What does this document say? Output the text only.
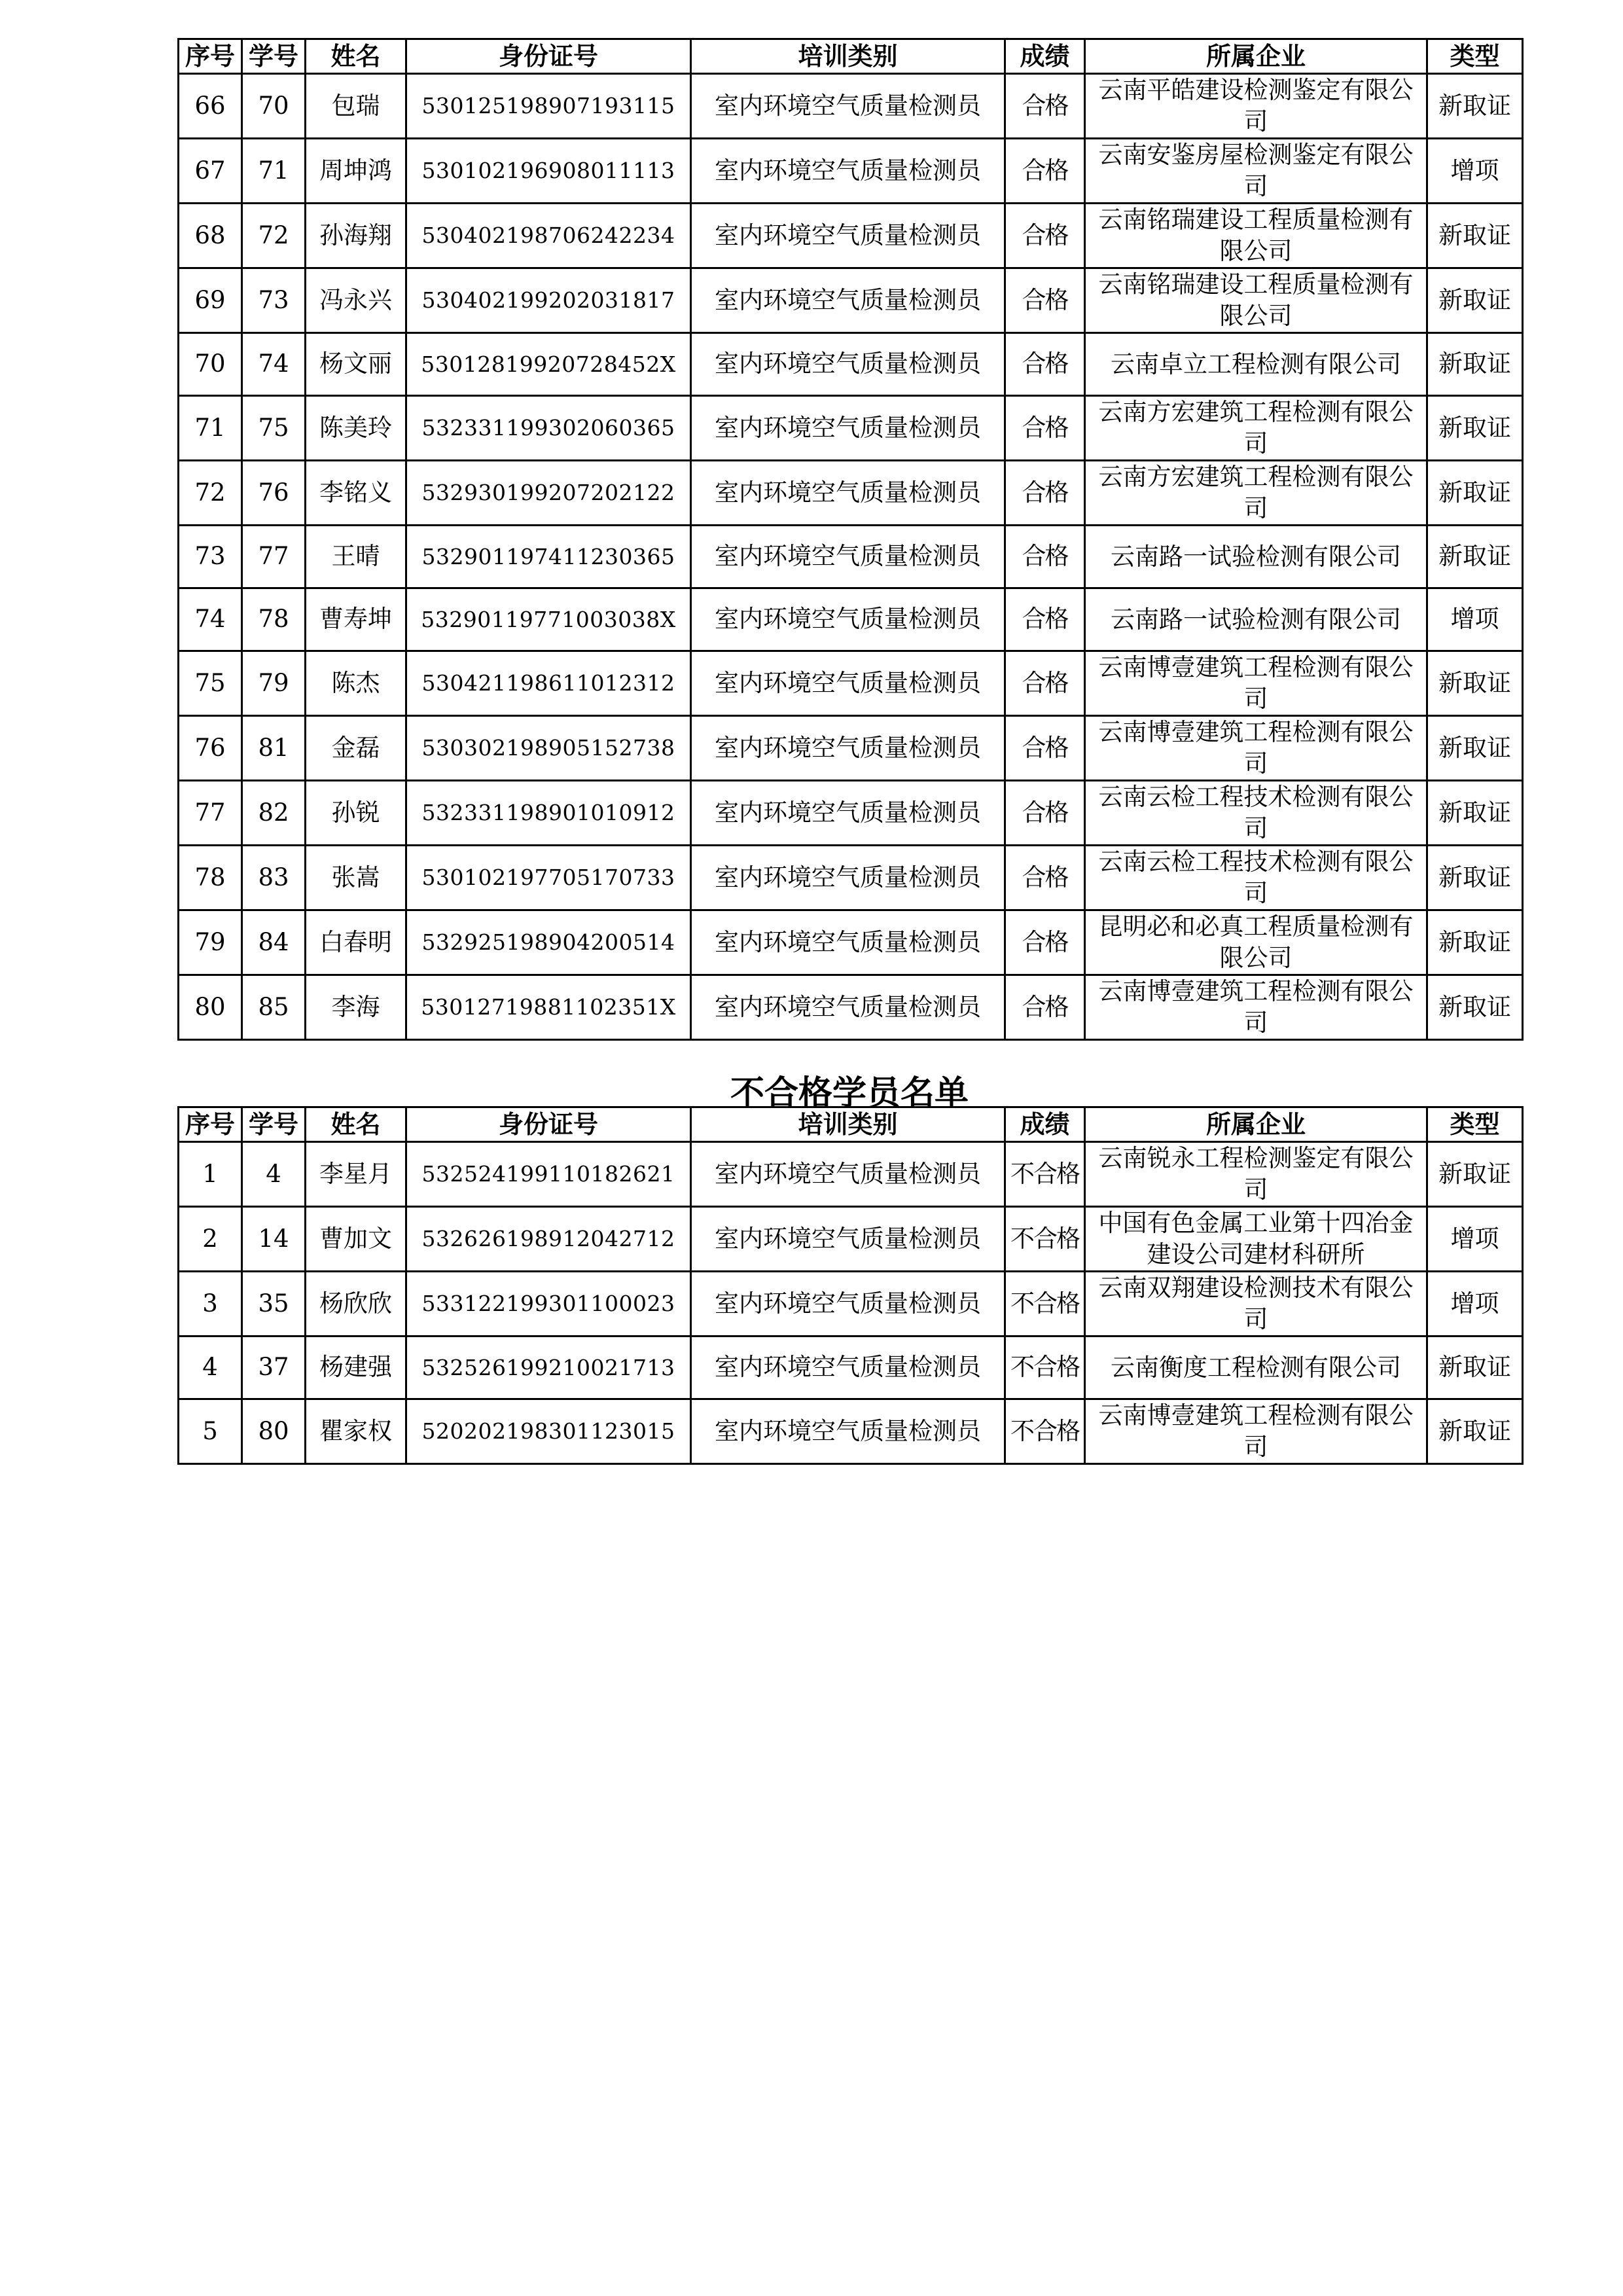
序号	学号	姓名	身份证号	培训类别	成绩	所属企业	类型
66	70	包瑞	530125198907193115	室内环境空气质量检测员	合格	云南平皓建设检测鉴定有限公司	新取证
67	71	周坤鸿	530102196908011113	室内环境空气质量检测员	合格	云南安鉴房屋检测鉴定有限公司	增项
68	72	孙海翔	530402198706242234	室内环境空气质量检测员	合格	云南铭瑞建设工程质量检测有限公司	新取证
69	73	冯永兴	530402199202031817	室内环境空气质量检测员	合格	云南铭瑞建设工程质量检测有限公司	新取证
70	74	杨文丽	53012819920728452X	室内环境空气质量检测员	合格	云南卓立工程检测有限公司	新取证
71	75	陈美玲	532331199302060365	室内环境空气质量检测员	合格	云南方宏建筑工程检测有限公司	新取证
72	76	李铭义	532930199207202122	室内环境空气质量检测员	合格	云南方宏建筑工程检测有限公司	新取证
73	77	王晴	532901197411230365	室内环境空气质量检测员	合格	云南路一试验检测有限公司	新取证
74	78	曹寿坤	53290119771003038X	室内环境空气质量检测员	合格	云南路一试验检测有限公司	增项
75	79	陈杰	530421198611012312	室内环境空气质量检测员	合格	云南博壹建筑工程检测有限公司	新取证
76	81	金磊	530302198905152738	室内环境空气质量检测员	合格	云南博壹建筑工程检测有限公司	新取证
77	82	孙锐	532331198901010912	室内环境空气质量检测员	合格	云南云检工程技术检测有限公司	新取证
78	83	张嵩	530102197705170733	室内环境空气质量检测员	合格	云南云检工程技术检测有限公司	新取证
79	84	白春明	532925198904200514	室内环境空气质量检测员	合格	昆明必和必真工程质量检测有限公司	新取证
80	85	李海	53012719881102351X	室内环境空气质量检测员	合格	云南博壹建筑工程检测有限公司	新取证
不合格学员名单
序号	学号	姓名	身份证号	培训类别	成绩	所属企业	类型
1	4	李星月	532524199110182621	室内环境空气质量检测员	不合格	云南锐永工程检测鉴定有限公司	新取证
2	14	曹加文	532626198912042712	室内环境空气质量检测员	不合格	中国有色金属工业第十四冶金建设公司建材科研所	增项
3	35	杨欣欣	533122199301100023	室内环境空气质量检测员	不合格	云南双翔建设检测技术有限公司	增项
4	37	杨建强	532526199210021713	室内环境空气质量检测员	不合格	云南衡度工程检测有限公司	新取证
5	80	瞿家权	520202198301123015	室内环境空气质量检测员	不合格	云南博壹建筑工程检测有限公司	新取证
